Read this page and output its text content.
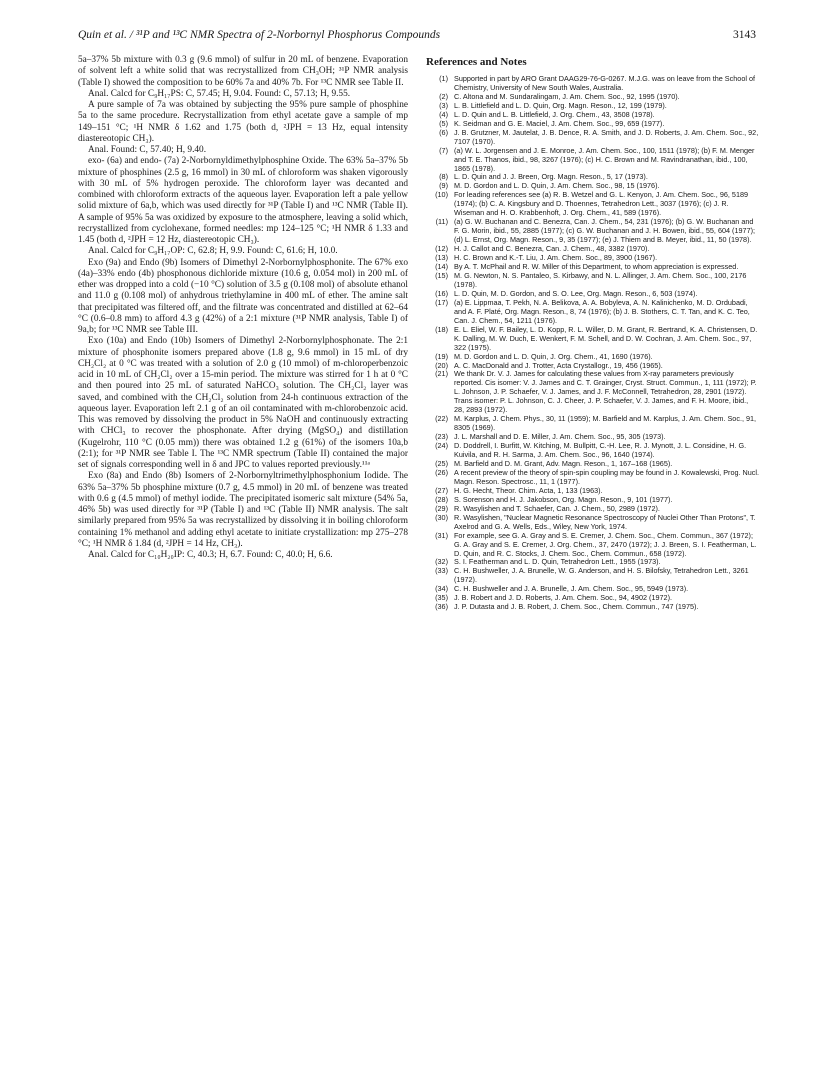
Quin et al. / ³¹P and ¹³C NMR Spectra of 2-Norbornyl Phosphorus Compounds	3143

5a–37% 5b mixture with 0.3 g (9.6 mmol) of sulfur in 20 mL of benzene. Evaporation of solvent left a white solid that was recrystallized from CH₃OH; ³¹P NMR analysis (Table I) showed the composition to be 60% 7a and 40% 7b. For ¹³C NMR see Table II.

Anal. Calcd for C₉H₁₇PS: C, 57.45; H, 9.04. Found: C, 57.13; H, 9.55.

A pure sample of 7a was obtained by subjecting the 95% pure sample of phosphine 5a to the same procedure. Recrystallization from ethyl acetate gave a sample of mp 149–151 °C; ¹H NMR δ 1.62 and 1.75 (both d, ²JPH = 13 Hz, equal intensity diastereotopic CH₃).

Anal. Found: C, 57.40; H, 9.40.

exo- (6a) and endo- (7a) 2-Norbornyldimethylphosphine Oxide. The 63% 5a–37% 5b mixture of phosphines (2.5 g, 16 mmol) in 30 mL of chloroform was shaken vigorously with 30 mL of 5% hydrogen peroxide. The chloroform layer was decanted and combined with chloroform extracts of the aqueous layer. Evaporation left a pale yellow solid mixture of 6a,b, which was used directly for ³¹P (Table I) and ¹³C NMR (Table II). A sample of 95% 5a was oxidized by exposure to the atmosphere, leaving a solid which, recrystallized from cyclohexane, formed needles: mp 124–125 °C; ¹H NMR δ 1.33 and 1.45 (both d, ²JPH = 12 Hz, diastereotopic CH₃).

Anal. Calcd for C₉H₁₇OP: C, 62.8; H, 9.9. Found: C, 61.6; H, 10.0.

Exo (9a) and Endo (9b) Isomers of Dimethyl 2-Norbornylphosphonite. The 67% exo (4a)–33% endo (4b) phosphonous dichloride mixture (10.6 g, 0.054 mol) in 200 mL of ether was dropped into a cold (−10 °C) solution of 3.5 g (0.108 mol) of absolute ethanol and 11.0 g (0.108 mol) of anhydrous triethylamine in 400 mL of ether. The amine salt that precipitated was filtered off, and the filtrate was concentrated and distilled at 62–64 °C (0.6–0.8 mm) to afford 4.3 g (42%) of a 2:1 mixture (³¹P NMR analysis, Table I) of 9a,b; for ¹³C NMR see Table III.

Exo (10a) and Endo (10b) Isomers of Dimethyl 2-Norbornylphosphonate. The 2:1 mixture of phosphonite isomers prepared above (1.8 g, 9.6 mmol) in 15 mL of dry CH₂Cl₂ at 0 °C was treated with a solution of 2.0 g (10 mmol) of m-chloroperbenzoic acid in 10 mL of CH₂Cl₂ over a 15-min period. The mixture was stirred for 1 h at 0 °C and then poured into 25 mL of saturated NaHCO₃ solution. The CH₂Cl₂ layer was saved, and combined with the CH₂Cl₂ solution from 24-h continuous extraction of the aqueous layer. Evaporation left 2.1 g of an oil contaminated with m-chlorobenzoic acid. This was removed by dissolving the product in 5% NaOH and continuously extracting with CHCl₃ to recover the phosphonate. After drying (MgSO₄) and distillation (Kugelrohr, 110 °C (0.05 mm)) there was obtained 1.2 g (61%) of the isomers 10a,b (2:1); for ³¹P NMR see Table I. The ¹³C NMR spectrum (Table II) contained the major set of signals corresponding well in δ and JPC to values reported previously.¹¹ᵃ

Exo (8a) and Endo (8b) Isomers of 2-Norbornyltrimethylphosphonium Iodide. The 63% 5a–37% 5b phosphine mixture (0.7 g, 4.5 mmol) in 20 mL of benzene was treated with 0.6 g (4.5 mmol) of methyl iodide. The precipitated isomeric salt mixture (54% 5a, 46% 5b) was used directly for ³¹P (Table I) and ¹³C (Table II) NMR analysis. The salt similarly prepared from 95% 5a was recrystallized by dissolving it in boiling chloroform containing 1% methanol and adding ethyl acetate to initiate crystallization: mp 275–278 °C; ¹H NMR δ 1.84 (d, ²JPH = 14 Hz, CH₃).

Anal. Calcd for C₁₀H₂₀IP: C, 40.3; H, 6.7. Found: C, 40.0; H, 6.6.

References and Notes
(1) Supported in part by ARO Grant DAAG29-76-G-0267. M.J.G. was on leave from the School of Chemistry, University of New South Wales, Australia.
(2) C. Altona and M. Sundaralingam, J. Am. Chem. Soc., 92, 1995 (1970).
(3) L. B. Littlefield and L. D. Quin, Org. Magn. Reson., 12, 199 (1979).
(4) L. D. Quin and L. B. Littlefield, J. Org. Chem., 43, 3508 (1978).
(5) K. Seidman and G. E. Maciel, J. Am. Chem. Soc., 99, 659 (1977).
(6) J. B. Grutzner, M. Jautelat, J. B. Dence, R. A. Smith, and J. D. Roberts, J. Am. Chem. Soc., 92, 7107 (1970).
(7) (a) W. L. Jorgensen and J. E. Monroe, J. Am. Chem. Soc., 100, 1511 (1978); (b) F. M. Menger and T. E. Thanos, ibid., 98, 3267 (1976); (c) H. C. Brown and M. Ravindranathan, ibid., 100, 1865 (1978).
(8) L. D. Quin and J. J. Breen, Org. Magn. Reson., 5, 17 (1973).
(9) M. D. Gordon and L. D. Quin, J. Am. Chem. Soc., 98, 15 (1976).
(10) For leading references see (a) R. B. Wetzel and G. L. Kenyon, J. Am. Chem. Soc., 96, 5189 (1974); (b) C. A. Kingsbury and D. Thoennes, Tetrahedron Lett., 3037 (1976); (c) J. R. Wiseman and H. O. Krabbenhoft, J. Org. Chem., 41, 589 (1976).
(11) (a) G. W. Buchanan and C. Benezra, Can. J. Chem., 54, 231 (1976); (b) G. W. Buchanan and F. G. Morin, ibid., 55, 2885 (1977); (c) G. W. Buchanan and J. H. Bowen, ibid., 55, 604 (1977); (d) L. Ernst, Org. Magn. Reson., 9, 35 (1977); (e) J. Thiem and B. Meyer, ibid., 11, 50 (1978).
(12) H. J. Callot and C. Benezra, Can. J. Chem., 48, 3382 (1970).
(13) H. C. Brown and K.-T. Liu, J. Am. Chem. Soc., 89, 3900 (1967).
(14) By A. T. McPhail and R. W. Miller of this Department, to whom appreciation is expressed.
(15) M. G. Newton, N. S. Pantaleo, S. Kirbawy, and N. L. Allinger, J. Am. Chem. Soc., 100, 2176 (1978).
(16) L. D. Quin, M. D. Gordon, and S. O. Lee, Org. Magn. Reson., 6, 503 (1974).
(17) (a) E. Lippmaa, T. Pekh, N. A. Belikova, A. A. Bobyleva, A. N. Kalinichenko, M. D. Ordubadi, and A. F. Platé, Org. Magn. Reson., 8, 74 (1976); (b) J. B. Stothers, C. T. Tan, and K. C. Teo, Can. J. Chem., 54, 1211 (1976).
(18) E. L. Eliel, W. F. Bailey, L. D. Kopp, R. L. Willer, D. M. Grant, R. Bertrand, K. A. Christensen, D. K. Dalling, M. W. Duch, E. Wenkert, F. M. Schell, and D. W. Cochran, J. Am. Chem. Soc., 97, 322 (1975).
(19) M. D. Gordon and L. D. Quin, J. Org. Chem., 41, 1690 (1976).
(20) A. C. MacDonald and J. Trotter, Acta Crystallogr., 19, 456 (1965).
(21) We thank Dr. V. J. James for calculating these values from X-ray parameters previously reported. Cis isomer: V. J. James and C. T. Grainger, Cryst. Struct. Commun., 1, 111 (1972); P. L. Johnson, J. P. Schaefer, V. J. James, and J. F. McConnell, Tetrahedron, 28, 2901 (1972). Trans isomer: P. L. Johnson, C. J. Cheer, J. P. Schaefer, V. J. James, and F. H. Moore, ibid., 28, 2893 (1972).
(22) M. Karplus, J. Chem. Phys., 30, 11 (1959); M. Barfield and M. Karplus, J. Am. Chem. Soc., 91, 8305 (1969).
(23) J. L. Marshall and D. E. Miller, J. Am. Chem. Soc., 95, 305 (1973).
(24) D. Doddrell, I. Burfitt, W. Kitching, M. Bullpitt, C.-H. Lee, R. J. Mynott, J. L. Considine, H. G. Kuivila, and R. H. Sarma, J. Am. Chem. Soc., 96, 1640 (1974).
(25) M. Barfield and D. M. Grant, Adv. Magn. Reson., 1, 167–168 (1965).
(26) A recent preview of the theory of spin-spin coupling may be found in J. Kowalewski, Prog. Nucl. Magn. Reson. Spectrosc., 11, 1 (1977).
(27) H. G. Hecht, Theor. Chim. Acta, 1, 133 (1963).
(28) S. Sorenson and H. J. Jakobson, Org. Magn. Reson., 9, 101 (1977).
(29) R. Wasylishen and T. Schaefer, Can. J. Chem., 50, 2989 (1972).
(30) R. Wasylishen, "Nuclear Magnetic Resonance Spectroscopy of Nuclei Other Than Protons", T. Axelrod and G. A. Wells, Eds., Wiley, New York, 1974.
(31) For example, see G. A. Gray and S. E. Cremer, J. Chem. Soc., Chem. Commun., 367 (1972); G. A. Gray and S. E. Cremer, J. Org. Chem., 37, 2470 (1972); J. J. Breen, S. I. Featherman, L. D. Quin, and R. C. Stocks, J. Chem. Soc., Chem. Commun., 658 (1972).
(32) S. I. Featherman and L. D. Quin, Tetrahedron Lett., 1955 (1973).
(33) C. H. Bushweller, J. A. Brunelle, W. G. Anderson, and H. S. Bilofsky, Tetrahedron Lett., 3261 (1972).
(34) C. H. Bushweller and J. A. Brunelle, J. Am. Chem. Soc., 95, 5949 (1973).
(35) J. B. Robert and J. D. Roberts, J. Am. Chem. Soc., 94, 4902 (1972).
(36) J. P. Dutasta and J. B. Robert, J. Chem. Soc., Chem. Commun., 747 (1975).
